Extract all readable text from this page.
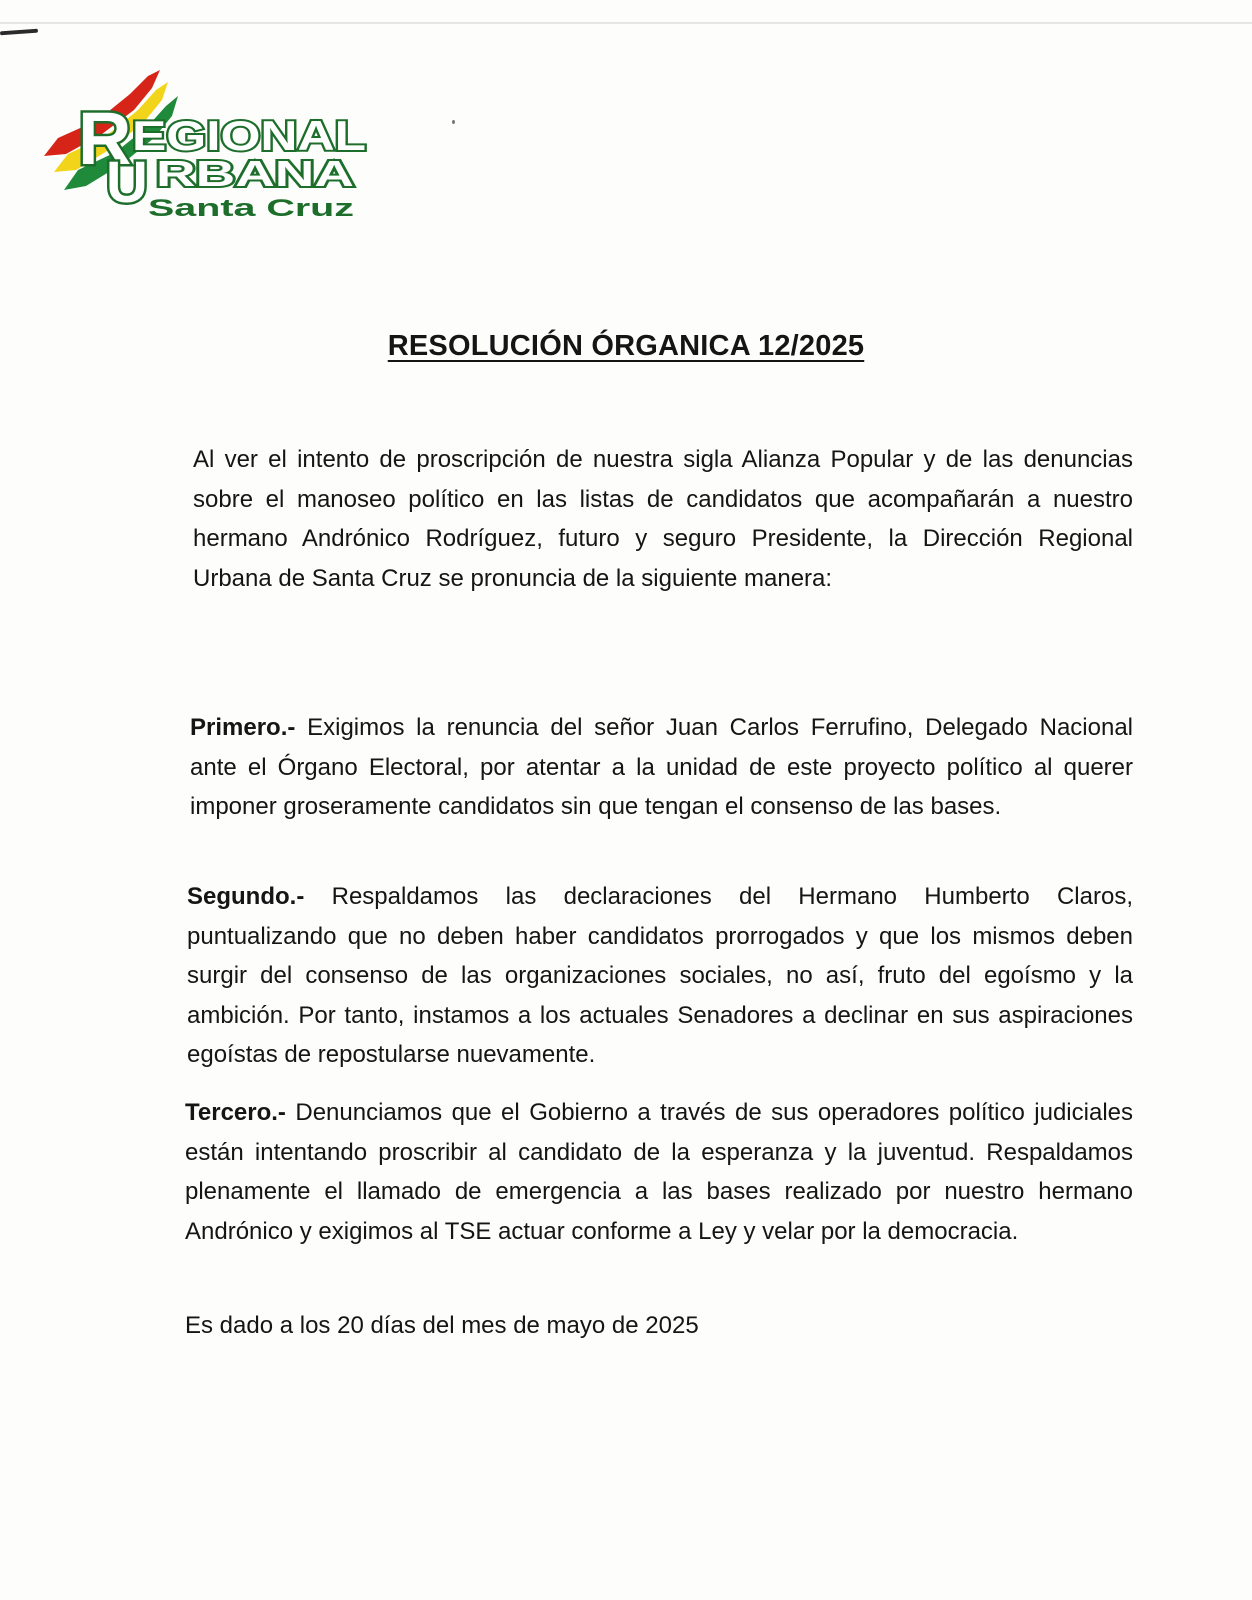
R EGIONAL
U RBANA
Santa Cruz
RESOLUCIÓN ÓRGANICA 12/2025

Al ver el intento de proscripción de nuestra sigla Alianza Popular y de las denuncias sobre el manoseo político en las listas de candidatos que acompañarán a nuestro hermano Andrónico Rodríguez, futuro y seguro Presidente, la Dirección Regional Urbana de Santa Cruz se pronuncia de la siguiente manera:

Primero.- Exigimos la renuncia del señor Juan Carlos Ferrufino, Delegado Nacional ante el Órgano Electoral, por atentar a la unidad de este proyecto político al querer imponer groseramente candidatos sin que tengan el consenso de las bases.

Segundo.- Respaldamos las declaraciones del Hermano Humberto Claros, puntualizando que no deben haber candidatos prorrogados y que los mismos deben surgir del consenso de las organizaciones sociales, no así, fruto del egoísmo y la ambición. Por tanto, instamos a los actuales Senadores a declinar en sus aspiraciones egoístas de repostularse nuevamente.

Tercero.- Denunciamos que el Gobierno a través de sus operadores político judiciales están intentando proscribir al candidato de la esperanza y la juventud. Respaldamos plenamente el llamado de emergencia a las bases realizado por nuestro hermano Andrónico y exigimos al TSE actuar conforme a Ley y velar por la democracia.

Es dado a los 20 días del mes de mayo de 2025
